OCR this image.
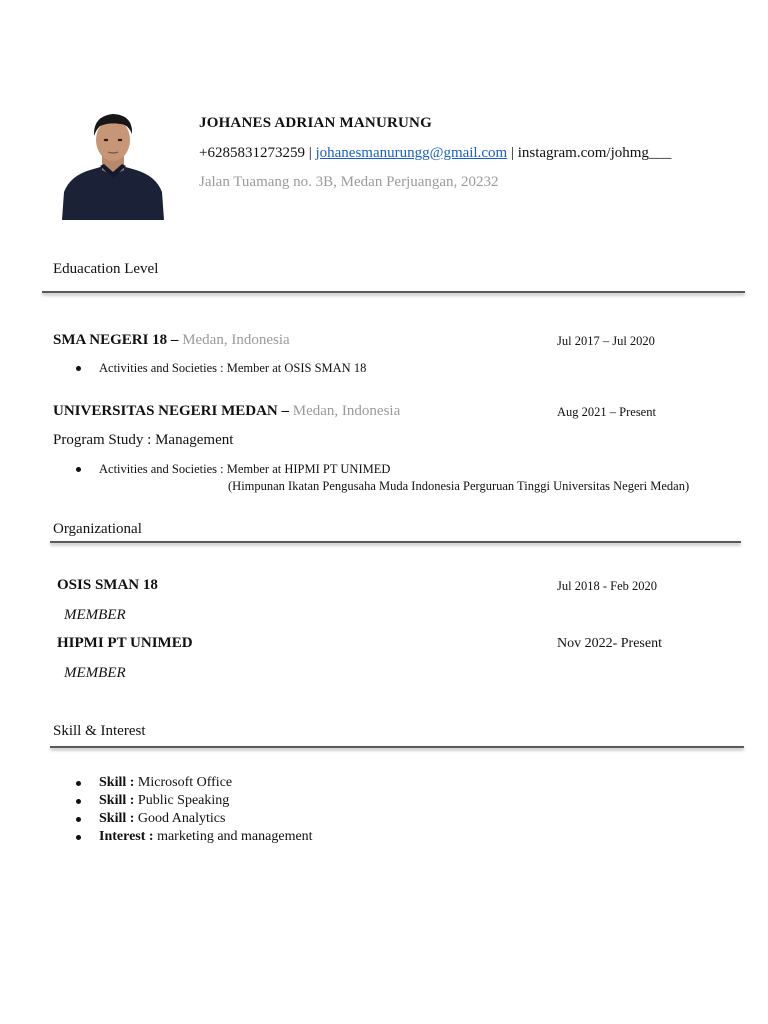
JOHANES ADRIAN MANURUNG
+6285831273259 | johanesmanurungg@gmail.com | instagram.com/johmg___
Jalan Tuamang no. 3B, Medan Perjuangan, 20232
Eduacation Level
SMA NEGERI 18 – Medan, Indonesia	Jul 2017 – Jul 2020
Activities and Societies : Member at OSIS SMAN 18
UNIVERSITAS NEGERI MEDAN – Medan, Indonesia	Aug 2021 – Present
Program Study : Management
Activities and Societies : Member at HIPMI PT UNIMED
(Himpunan Ikatan Pengusaha Muda Indonesia Perguruan Tinggi Universitas Negeri Medan)
Organizational
OSIS SMAN 18	Jul 2018 - Feb 2020
MEMBER
HIPMI PT UNIMED	Nov 2022- Present
MEMBER
Skill & Interest
Skill : Microsoft Office
Skill : Public Speaking
Skill : Good Analytics
Interest : marketing and management
